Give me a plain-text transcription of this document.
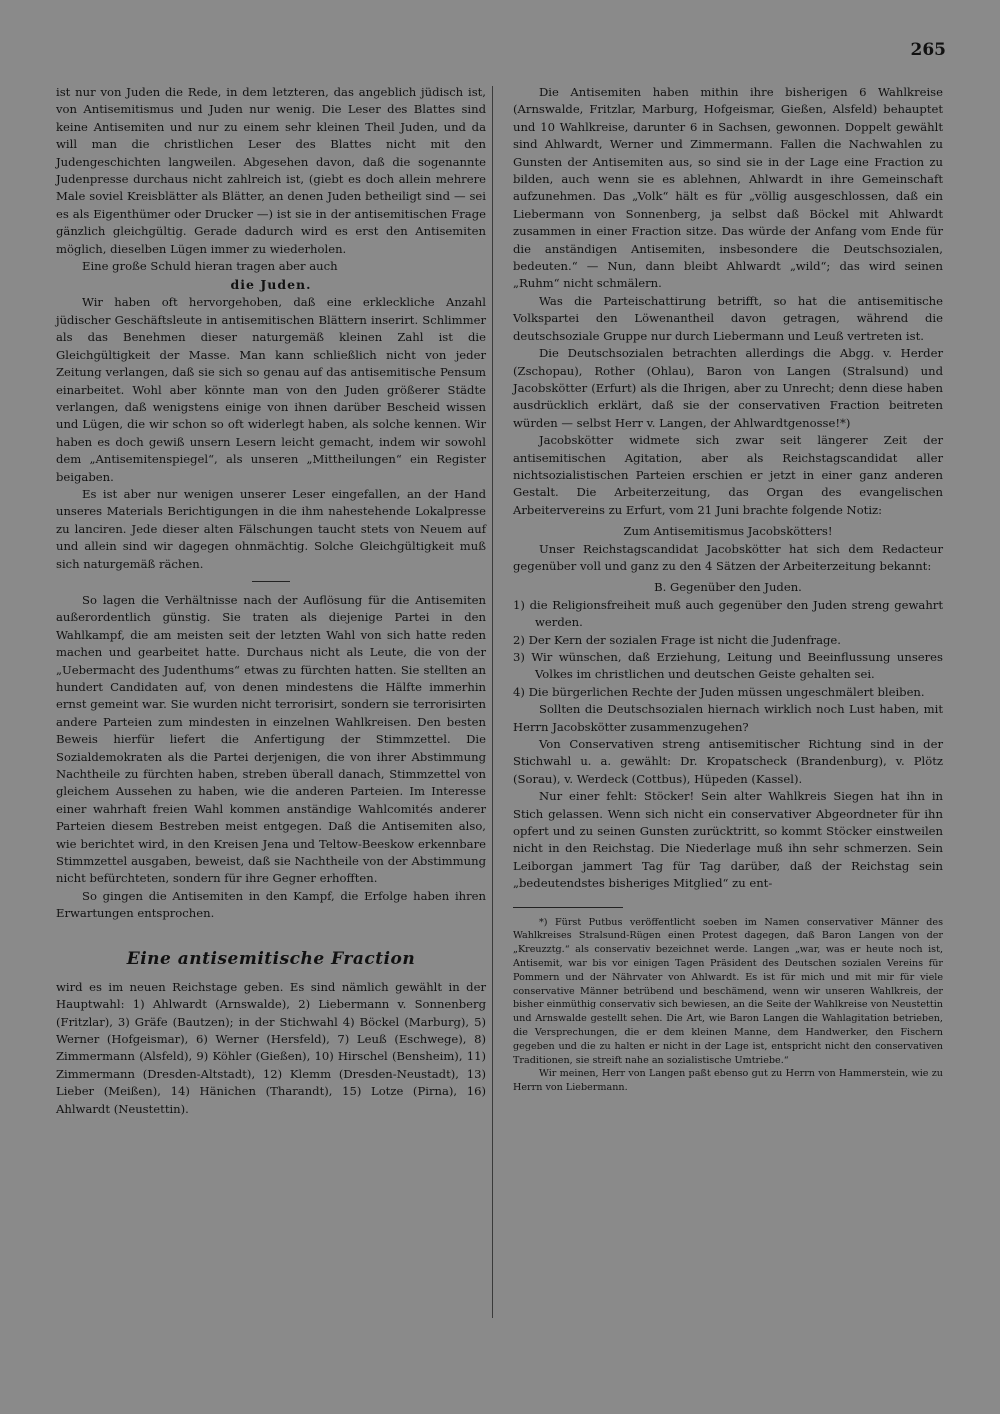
265

ist nur von Juden die Rede, in dem letzteren, das angeblich jüdisch ist, von Antisemitismus und Juden nur wenig. Die Leser des Blattes sind keine Antisemiten und nur zu einem sehr kleinen Theil Juden, und da will man die christlichen Leser des Blattes nicht mit den Judengeschichten langweilen. Abgesehen davon, daß die sogenannte Judenpresse durchaus nicht zahlreich ist, (giebt es doch allein mehrere Male soviel Kreisblätter als Blätter, an denen Juden betheiligt sind — sei es als Eigenthümer oder Drucker —) ist sie in der antisemitischen Frage gänzlich gleichgültig. Gerade dadurch wird es erst den Antisemiten möglich, dieselben Lügen immer zu wiederholen.

Eine große Schuld hieran tragen aber auch

die Juden.

Wir haben oft hervorgehoben, daß eine erkleckliche Anzahl jüdischer Geschäftsleute in antisemitischen Blättern inserirt. Schlimmer als das Benehmen dieser naturgemäß kleinen Zahl ist die Gleichgültigkeit der Masse. Man kann schließlich nicht von jeder Zeitung verlangen, daß sie sich so genau auf das antisemitische Pensum einarbeitet. Wohl aber könnte man von den Juden größerer Städte verlangen, daß wenigstens einige von ihnen darüber Bescheid wissen und Lügen, die wir schon so oft widerlegt haben, als solche kennen. Wir haben es doch gewiß unsern Lesern leicht gemacht, indem wir sowohl dem „Antisemitenspiegel“, als unseren „Mittheilungen“ ein Register beigaben.

Es ist aber nur wenigen unserer Leser eingefallen, an der Hand unseres Materials Berichtigungen in die ihm nahestehende Lokalpresse zu lanciren. Jede dieser alten Fälschungen taucht stets von Neuem auf und allein sind wir dagegen ohnmächtig. Solche Gleichgültigkeit muß sich naturgemäß rächen.

So lagen die Verhältnisse nach der Auflösung für die Antisemiten außerordentlich günstig. Sie traten als diejenige Partei in den Wahlkampf, die am meisten seit der letzten Wahl von sich hatte reden machen und gearbeitet hatte. Durchaus nicht als Leute, die von der „Uebermacht des Judenthums“ etwas zu fürchten hatten. Sie stellten an hundert Candidaten auf, von denen mindestens die Hälfte immerhin ernst gemeint war. Sie wurden nicht terrorisirt, sondern sie terrorisirten andere Parteien zum mindesten in einzelnen Wahlkreisen. Den besten Beweis hierfür liefert die Anfertigung der Stimmzettel. Die Sozialdemokraten als die Partei derjenigen, die von ihrer Abstimmung Nachtheile zu fürchten haben, streben überall danach, Stimmzettel von gleichem Aussehen zu haben, wie die anderen Parteien. Im Interesse einer wahrhaft freien Wahl kommen anständige Wahlcomités anderer Parteien diesem Bestreben meist entgegen. Daß die Antisemiten also, wie berichtet wird, in den Kreisen Jena und Teltow-Beeskow erkennbare Stimmzettel ausgaben, beweist, daß sie Nachtheile von der Abstimmung nicht befürchteten, sondern für ihre Gegner erhofften.

So gingen die Antisemiten in den Kampf, die Erfolge haben ihren Erwartungen entsprochen.

Eine antisemitische Fraction

wird es im neuen Reichstage geben. Es sind nämlich gewählt in der Hauptwahl: 1) Ahlwardt (Arnswalde), 2) Liebermann v. Sonnenberg (Fritzlar), 3) Gräfe (Bautzen); in der Stichwahl 4) Böckel (Marburg), 5) Werner (Hofgeismar), 6) Werner (Hersfeld), 7) Leuß (Eschwege), 8) Zimmermann (Alsfeld), 9) Köhler (Gießen), 10) Hirschel (Bensheim), 11) Zimmermann (Dresden-Altstadt), 12) Klemm (Dresden-Neustadt), 13) Lieber (Meißen), 14) Hänichen (Tharandt), 15) Lotze (Pirna), 16) Ahlwardt (Neustettin).

Die Antisemiten haben mithin ihre bisherigen 6 Wahlkreise (Arnswalde, Fritzlar, Marburg, Hofgeismar, Gießen, Alsfeld) behauptet und 10 Wahlkreise, darunter 6 in Sachsen, gewonnen. Doppelt gewählt sind Ahlwardt, Werner und Zimmermann. Fallen die Nachwahlen zu Gunsten der Antisemiten aus, so sind sie in der Lage eine Fraction zu bilden, auch wenn sie es ablehnen, Ahlwardt in ihre Gemeinschaft aufzunehmen. Das „Volk“ hält es für „völlig ausgeschlossen, daß ein Liebermann von Sonnenberg, ja selbst daß Böckel mit Ahlwardt zusammen in einer Fraction sitze. Das würde der Anfang vom Ende für die anständigen Antisemiten, insbesondere die Deutschsozialen, bedeuten.“ — Nun, dann bleibt Ahlwardt „wild“; das wird seinen „Ruhm“ nicht schmälern.

Was die Parteischattirung betrifft, so hat die antisemitische Volkspartei den Löwenantheil davon getragen, während die deutschsoziale Gruppe nur durch Liebermann und Leuß vertreten ist.

Die Deutschsozialen betrachten allerdings die Abgg. v. Herder (Zschopau), Rother (Ohlau), Baron von Langen (Stralsund) und Jacobskötter (Erfurt) als die Ihrigen, aber zu Unrecht; denn diese haben ausdrücklich erklärt, daß sie der conservativen Fraction beitreten würden — selbst Herr v. Langen, der Ahlwardtgenosse!*)

Jacobskötter widmete sich zwar seit längerer Zeit der antisemitischen Agitation, aber als Reichstagscandidat aller nichtsozialistischen Parteien erschien er jetzt in einer ganz anderen Gestalt. Die Arbeiterzeitung, das Organ des evangelischen Arbeitervereins zu Erfurt, vom 21 Juni brachte folgende Notiz:

Zum Antisemitismus Jacobskötters!

Unser Reichstagscandidat Jacobskötter hat sich dem Redacteur gegenüber voll und ganz zu den 4 Sätzen der Arbeiterzeitung bekannt:

B. Gegenüber den Juden.
1) die Religionsfreiheit muß auch gegenüber den Juden streng gewahrt werden.
2) Der Kern der sozialen Frage ist nicht die Judenfrage.
3) Wir wünschen, daß Erziehung, Leitung und Beeinflussung unseres Volkes im christlichen und deutschen Geiste gehalten sei.
4) Die bürgerlichen Rechte der Juden müssen ungeschmälert bleiben.

Sollten die Deutschsozialen hiernach wirklich noch Lust haben, mit Herrn Jacobskötter zusammenzugehen?

Von Conservativen streng antisemitischer Richtung sind in der Stichwahl u. a. gewählt: Dr. Kropatscheck (Brandenburg), v. Plötz (Sorau), v. Werdeck (Cottbus), Hüpeden (Kassel).

Nur einer fehlt: Stöcker! Sein alter Wahlkreis Siegen hat ihn in Stich gelassen. Wenn sich nicht ein conservativer Abgeordneter für ihn opfert und zu seinen Gunsten zurücktritt, so kommt Stöcker einstweilen nicht in den Reichstag. Die Niederlage muß ihn sehr schmerzen. Sein Leiborgan jammert Tag für Tag darüber, daß der Reichstag sein „bedeutendstes bisheriges Mitglied“ zu ent-

*) Fürst Putbus veröffentlicht soeben im Namen conservativer Männer des Wahlkreises Stralsund-Rügen einen Protest dagegen, daß Baron Langen von der „Kreuzztg.“ als conservativ bezeichnet werde. Langen „war, was er heute noch ist, Antisemit, war bis vor einigen Tagen Präsident des Deutschen sozialen Vereins für Pommern und der Nährvater von Ahlwardt. Es ist für mich und mit mir für viele conservative Männer betrübend und beschämend, wenn wir unseren Wahlkreis, der bisher einmüthig conservativ sich bewiesen, an die Seite der Wahlkreise von Neustettin und Arnswalde gestellt sehen. Die Art, wie Baron Langen die Wahlagitation betrieben, die Versprechungen, die er dem kleinen Manne, dem Handwerker, den Fischern gegeben und die zu halten er nicht in der Lage ist, entspricht nicht den conservativen Traditionen, sie streift nahe an sozialistische Umtriebe.“

Wir meinen, Herr von Langen paßt ebenso gut zu Herrn von Hammerstein, wie zu Herrn von Liebermann.
